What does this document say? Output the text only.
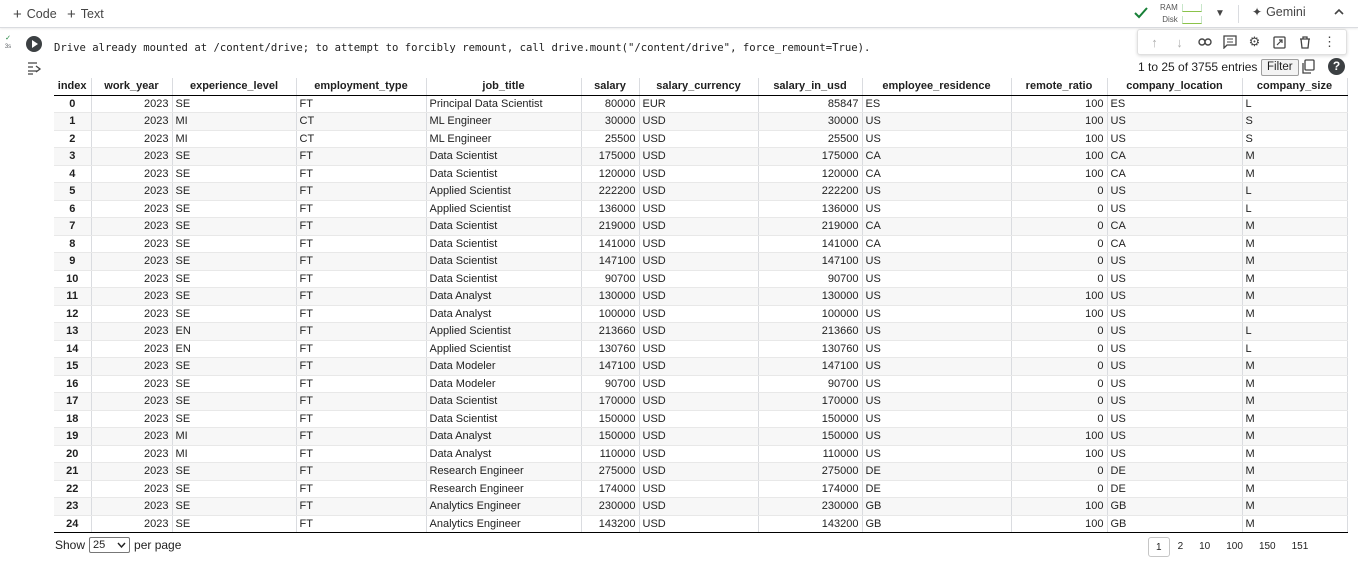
+ Code + Text	RAM
Disk
▼ ✦ Gemini
✓
3s	↑	↓	⚙	⋮
Drive already mounted at /content/drive; to attempt to forcibly remount, call drive.mount("/content/drive", force_remount=True).
1 to 25 of 3755 entries Filter	?
index	work_year	experience_level	employment_type	job_title	salary	salary_currency	salary_in_usd	employee_residence	remote_ratio	company_location	company_size
0	2023	SE	FT	Principal Data Scientist	80000	EUR	85847	ES	100	ES	L
1	2023	MI	CT	ML Engineer	30000	USD	30000	US	100	US	S
2	2023	MI	CT	ML Engineer	25500	USD	25500	US	100	US	S
3	2023	SE	FT	Data Scientist	175000	USD	175000	CA	100	CA	M
4	2023	SE	FT	Data Scientist	120000	USD	120000	CA	100	CA	M
5	2023	SE	FT	Applied Scientist	222200	USD	222200	US	0	US	L
6	2023	SE	FT	Applied Scientist	136000	USD	136000	US	0	US	L
7	2023	SE	FT	Data Scientist	219000	USD	219000	CA	0	CA	M
8	2023	SE	FT	Data Scientist	141000	USD	141000	CA	0	CA	M
9	2023	SE	FT	Data Scientist	147100	USD	147100	US	0	US	M
10	2023	SE	FT	Data Scientist	90700	USD	90700	US	0	US	M
11	2023	SE	FT	Data Analyst	130000	USD	130000	US	100	US	M
12	2023	SE	FT	Data Analyst	100000	USD	100000	US	100	US	M
13	2023	EN	FT	Applied Scientist	213660	USD	213660	US	0	US	L
14	2023	EN	FT	Applied Scientist	130760	USD	130760	US	0	US	L
15	2023	SE	FT	Data Modeler	147100	USD	147100	US	0	US	M
16	2023	SE	FT	Data Modeler	90700	USD	90700	US	0	US	M
17	2023	SE	FT	Data Scientist	170000	USD	170000	US	0	US	M
18	2023	SE	FT	Data Scientist	150000	USD	150000	US	0	US	M
19	2023	MI	FT	Data Analyst	150000	USD	150000	US	100	US	M
20	2023	MI	FT	Data Analyst	110000	USD	110000	US	100	US	M
21	2023	SE	FT	Research Engineer	275000	USD	275000	DE	0	DE	M
22	2023	SE	FT	Research Engineer	174000	USD	174000	DE	0	DE	M
23	2023	SE	FT	Analytics Engineer	230000	USD	230000	GB	100	GB	M
24	2023	SE	FT	Analytics Engineer	143200	USD	143200	GB	100	GB	M
Show 25 per page	1	2	10	100	150	151
